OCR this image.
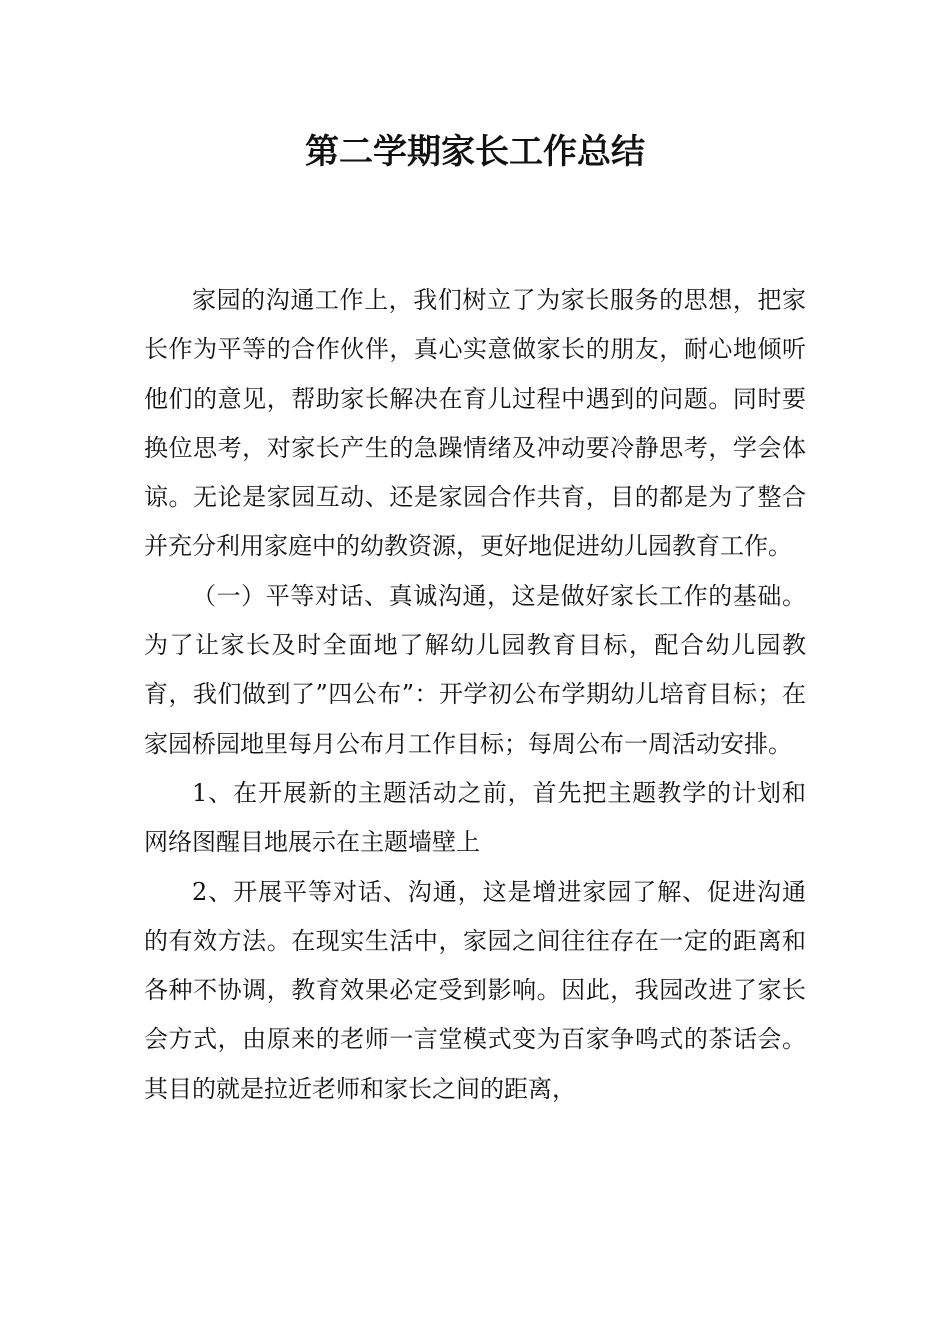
第二学期家长工作总结

家园的沟通工作上，我们树立了为家长服务的思想，把家长作为平等的合作伙伴，真心实意做家长的朋友，耐心地倾听他们的意见，帮助家长解决在育儿过程中遇到的问题。同时要换位思考，对家长产生的急躁情绪及冲动要冷静思考，学会体谅。无论是家园互动、还是家园合作共育，目的都是为了整合并充分利用家庭中的幼教资源，更好地促进幼儿园教育工作。

（一）平等对话、真诚沟通，这是做好家长工作的基础。为了让家长及时全面地了解幼儿园教育目标，配合幼儿园教育，我们做到了”四公布”：开学初公布学期幼儿培育目标；在家园桥园地里每月公布月工作目标；每周公布一周活动安排。

1、在开展新的主题活动之前，首先把主题教学的计划和网络图醒目地展示在主题墙壁上

2、开展平等对话、沟通，这是增进家园了解、促进沟通的有效方法。在现实生活中，家园之间往往存在一定的距离和各种不协调，教育效果必定受到影响。因此，我园改进了家长会方式，由原来的老师一言堂模式变为百家争鸣式的茶话会。其目的就是拉近老师和家长之间的距离，
